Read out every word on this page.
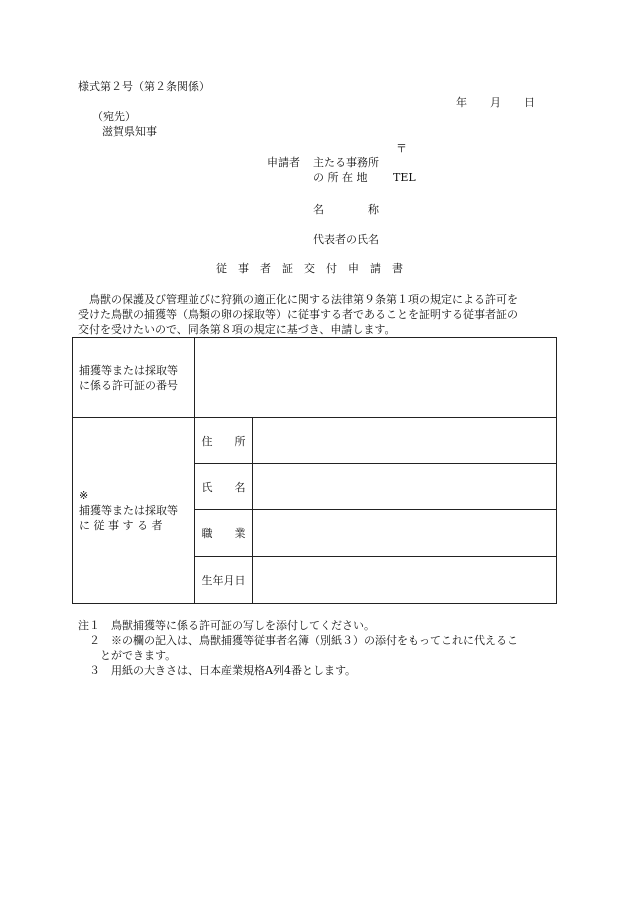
様式第２号（第２条関係）
年 月 日
（宛先）
滋賀県知事
〒
申請者 主たる事務所
の 所 在 地 TEL
名　　　　称
代表者の氏名
従　事　者　証　交　付　申　請　書
鳥獣の保護及び管理並びに狩猟の適正化に関する法律第９条第１項の規定による許可を
受けた鳥獣の捕獲等（鳥類の卵の採取等）に従事する者であることを証明する従事者証の
交付を受けたいので、同条第８項の規定に基づき、申請します。
捕獲等または採取等
に係る許可証の番号		

※
捕獲等または採取等
に 従 事 す る 者	住　　所	
	氏　　名	
	職　　業	
	生年月日	
注１　鳥獣捕獲等に係る許可証の写しを添付してください。
　２　※の欄の記入は、鳥獣捕獲等従事者名簿（別紙３）の添付をもってこれに代えるこ
　　とができます。
　３　用紙の大きさは、日本産業規格A列4番とします。
